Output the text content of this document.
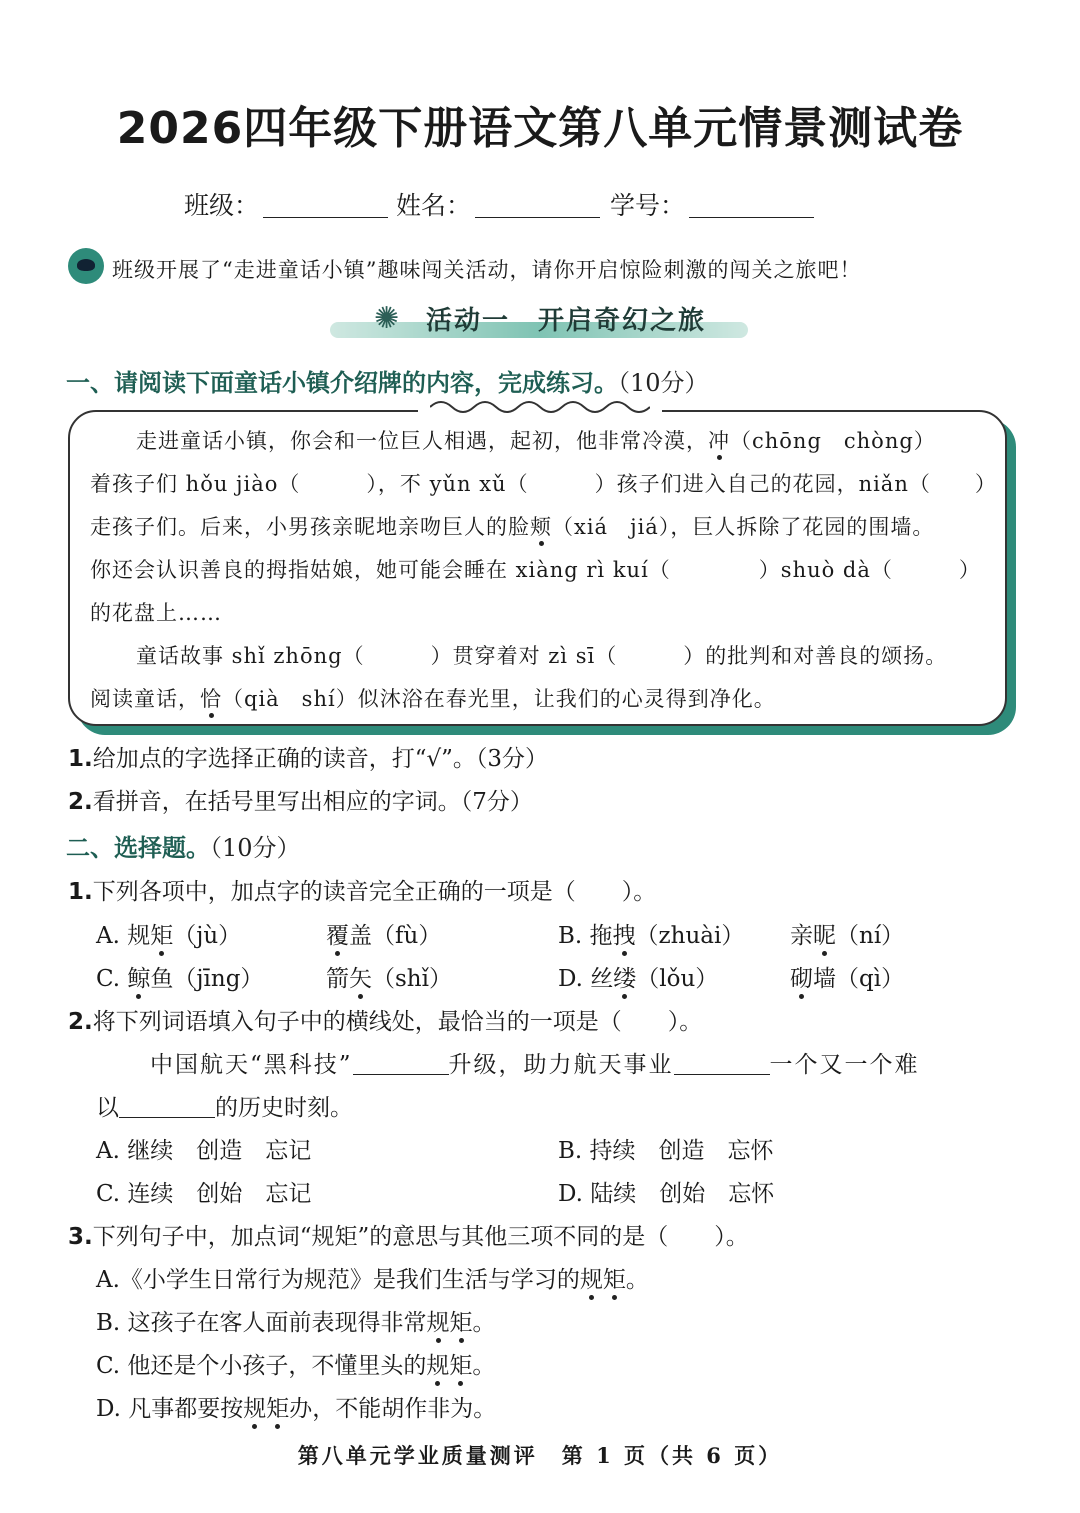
2026四年级下册语文第八单元情景测试卷
班级：	姓名：	学号：
班级开展了“走进童话小镇”趣味闯关活动，请你开启惊险刺激的闯关之旅吧！
✺ 活动一　开启奇幻之旅
一、请阅读下面童话小镇介绍牌的内容，完成练习。（10分）
走进童话小镇，你会和一位巨人相遇，起初，他非常冷漠，冲（chōng　chòng）
着孩子们 hǒu jiào（　　　），不 yǔn xǔ（　　　）孩子们进入自己的花园，niǎn（　　）
走孩子们。后来，小男孩亲昵地亲吻巨人的脸颊（xiá　jiá），巨人拆除了花园的围墙。
你还会认识善良的拇指姑娘，她可能会睡在 xiàng rì kuí（　　　　）shuò dà（　　　）
的花盘上……
童话故事 shǐ zhōng（　　　）贯穿着对 zì sī（　　　）的批判和对善良的颂扬。
阅读童话，恰（qià　shí）似沐浴在春光里，让我们的心灵得到净化。
1.给加点的字选择正确的读音，打“√”。（3分）
2.看拼音，在括号里写出相应的字词。（7分）
二、选择题。（10分）
1.下列各项中，加点字的读音完全正确的一项是（　　）。
A. 规矩（jù）	覆盖（fù）	B. 拖拽（zhuài） 亲昵（ní）
C. 鲸鱼（jīng）	箭矢（shǐ）	D. 丝缕（lǒu）	砌墙（qì）
2.将下列词语填入句子中的横线处，最恰当的一项是（　　）。
中国航天“黑科技”	升级，助力航天事业	一个又一个难
以	的历史时刻。
A. 继续　创造　忘记	B. 持续　创造　忘怀
C. 连续　创始　忘记	D. 陆续　创始　忘怀
3.下列句子中，加点词“规矩”的意思与其他三项不同的是（　　）。
A.《小学生日常行为规范》是我们生活与学习的规矩。
B. 这孩子在客人面前表现得非常规矩。
C. 他还是个小孩子，不懂里头的规矩。
D. 凡事都要按规矩办，不能胡作非为。
第八单元学业质量测评　第 1 页（共 6 页）
